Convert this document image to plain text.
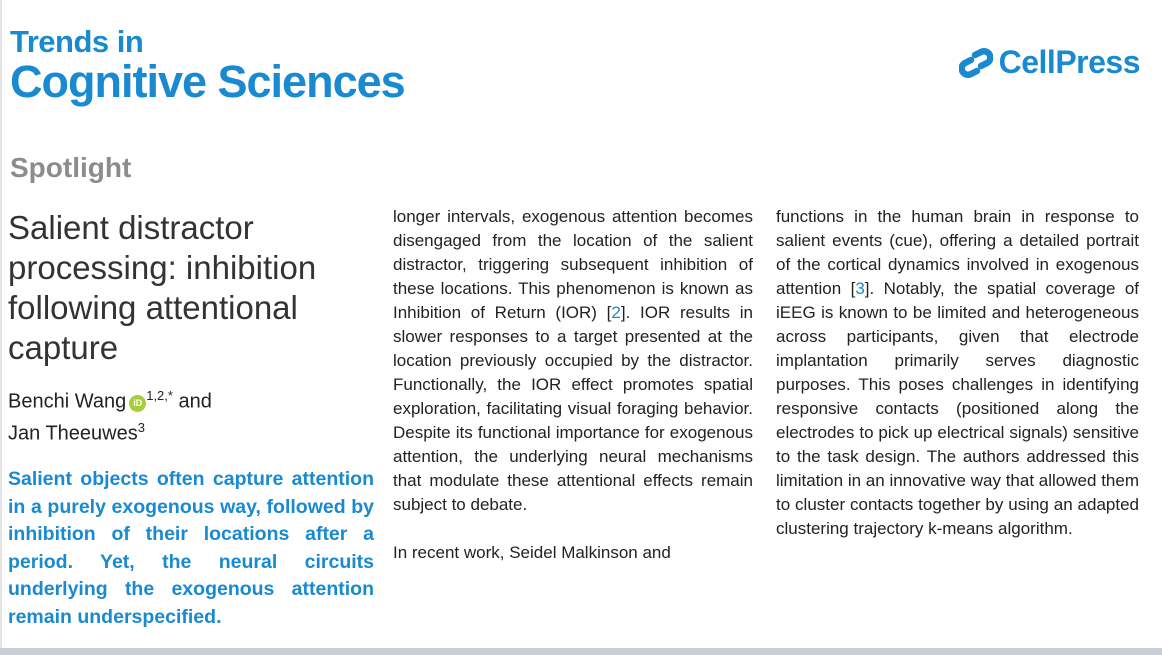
Trends in
Cognitive Sciences	CellPress
Spotlight
Salient distractor processing: inhibition following attentional capture
Benchi Wang iD $^{1,2,*}$ and
Jan Theeuwes$^3$

Salient objects often capture attention in a purely exogenous way, followed by inhibition of their locations after a period. Yet, the neural circuits underlying the exogenous attention remain underspecified.

longer intervals, exogenous attention becomes disengaged from the location of the salient distractor, triggering subsequent inhibition of these locations. This phenomenon is known as Inhibition of Return (IOR) [2]. IOR results in slower responses to a target presented at the location previously occupied by the distractor. Functionally, the IOR effect promotes spatial exploration, facilitating visual foraging behavior. Despite its functional importance for exogenous attention, the underlying neural mechanisms that modulate these attentional effects remain subject to debate.

In recent work, Seidel Malkinson and

functions in the human brain in response to salient events (cue), offering a detailed portrait of the cortical dynamics involved in exogenous attention [3]. Notably, the spatial coverage of iEEG is known to be limited and heterogeneous across participants, given that electrode implantation primarily serves diagnostic purposes. This poses challenges in identifying responsive contacts (positioned along the electrodes to pick up electrical signals) sensitive to the task design. The authors addressed this limitation in an innovative way that allowed them to cluster contacts together by using an adapted clustering trajectory k-means algorithm.
